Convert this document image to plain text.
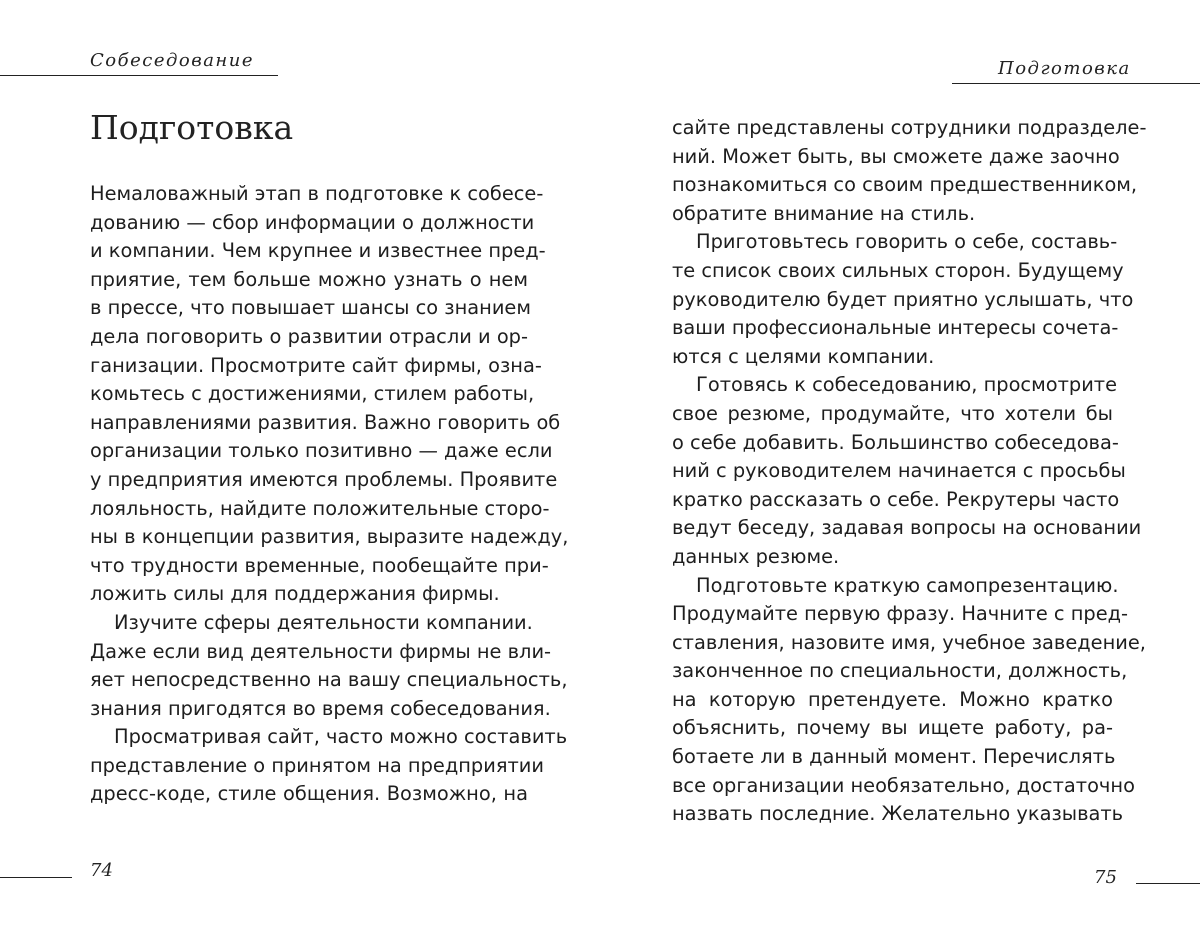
Собеседование
Подготовка

Немаловажный этап в подготовке к собесе-
дованию — сбор информации о должности
и компании. Чем крупнее и известнее пред-
приятие, тем больше можно узнать о нем
в прессе, что повышает шансы со знанием
дела поговорить о развитии отрасли и ор-
ганизации. Просмотрите сайт фирмы, озна-
комьтесь с достижениями, стилем работы,
направлениями развития. Важно говорить об
организации только позитивно — даже если
у предприятия имеются проблемы. Проявите
лояльность, найдите положительные сторо-
ны в концепции развития, выразите надежду,
что трудности временные, пообещайте при-
ложить силы для поддержания фирмы.

Изучите сферы деятельности компании.
Даже если вид деятельности фирмы не вли-
яет непосредственно на вашу специальность,
знания пригодятся во время собеседования.

Просматривая сайт, часто можно составить
представление о принятом на предприятии
дресс-коде, стиле общения. Возможно, на

74
Подготовка

сайте представлены сотрудники подразделе-
ний. Может быть, вы сможете даже заочно
познакомиться со своим предшественником,
обратите внимание на стиль.

Приготовьтесь говорить о себе, составь-
те список своих сильных сторон. Будущему
руководителю будет приятно услышать, что
ваши профессиональные интересы сочета-
ются с целями компании.

Готовясь к собеседованию, просмотрите
свое резюме, продумайте, что хотели бы
о себе добавить. Большинство собеседова-
ний с руководителем начинается с просьбы
кратко рассказать о себе. Рекрутеры часто
ведут беседу, задавая вопросы на основании
данных резюме.

Подготовьте краткую самопрезентацию.
Продумайте первую фразу. Начните с пред-
ставления, назовите имя, учебное заведение,
законченное по специальности, должность,
на которую претендуете. Можно кратко
объяснить, почему вы ищете работу, ра-
ботаете ли в данный момент. Перечислять
все организации необязательно, достаточно
назвать последние. Желательно указывать

75
